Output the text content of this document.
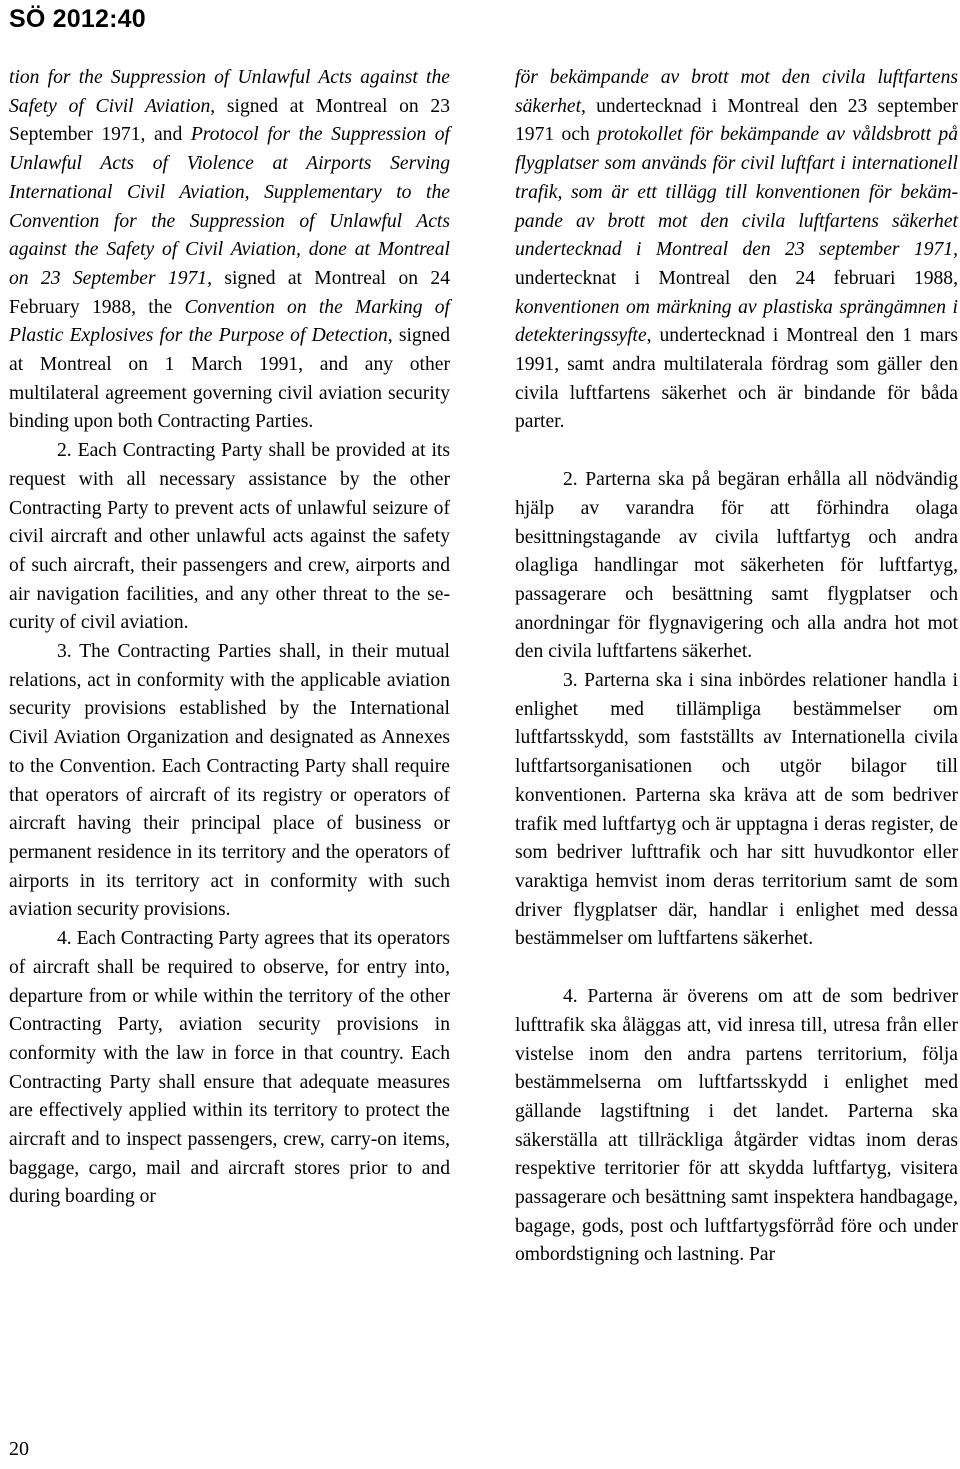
SÖ 2012:40

tion for the Suppression of Unlawful Acts against the Safety of Civil Aviation, signed at Montreal on 23 September 1971, and Protocol for the Suppression of Unlawful Acts of Violence at Airports Serving International Civil Aviation, Supplementary to the Convention for the Suppression of Unlawful Acts against the Safety of Civil Aviation, done at Montreal on 23 September 1971, signed at Montreal on 24 February 1988, the Convention on the Marking of Plastic Explosives for the Purpose of Detection, signed at Montreal on 1 March 1991, and any other multilateral agreement governing civil aviation security binding upon both Contracting Parties.

2. Each Contracting Party shall be provided at its request with all necessary assistance by the other Contracting Party to prevent acts of unlawful seizure of civil aircraft and other unlawful acts against the safety of such aircraft, their passengers and crew, airports and air navigation facilities, and any other threat to the security of civil aviation.

3. The Contracting Parties shall, in their mutual relations, act in conformity with the applicable aviation security provisions established by the International Civil Aviation Organization and designated as Annexes to the Convention. Each Contracting Party shall require that operators of aircraft of its registry or operators of aircraft having their principal place of business or permanent residence in its territory and the operators of airports in its territory act in conformity with such aviation security provisions.

4. Each Contracting Party agrees that its operators of aircraft shall be required to observe, for entry into, departure from or while within the territory of the other Contracting Party, aviation security provisions in conformity with the law in force in that country. Each Contracting Party shall ensure that adequate measures are effectively applied within its territory to protect the aircraft and to inspect passengers, crew, carry-on items, baggage, cargo, mail and aircraft stores prior to and during boarding or

för bekämpande av brott mot den civila luftfartens säkerhet, undertecknad i Montreal den 23 september 1971 och protokollet för bekämpande av våldsbrott på flygplatser som används för civil luftfart i internationell trafik, som är ett tillägg till konventionen för bekämpande av brott mot den civila luftfartens säkerhet undertecknad i Montreal den 23 september 1971, undertecknat i Montreal den 24 februari 1988, konventionen om märkning av plastiska sprängämnen i detekteringssyfte, undertecknad i Montreal den 1 mars 1991, samt andra multilaterala fördrag som gäller den civila luftfartens säkerhet och är bindande för båda parter.

2. Parterna ska på begäran erhålla all nödvändig hjälp av varandra för att förhindra olaga besittningstagande av civila luftfartyg och andra olagliga handlingar mot säkerheten för luftfartyg, passagerare och besättning samt flygplatser och anordningar för flygnavigering och alla andra hot mot den civila luftfartens säkerhet.

3. Parterna ska i sina inbördes relationer handla i enlighet med tillämpliga bestämmelser om luftfartsskydd, som fastställts av Internationella civila luftfartsorganisationen och utgör bilagor till konventionen. Parterna ska kräva att de som bedriver trafik med luftfartyg och är upptagna i deras register, de som bedriver lufttrafik och har sitt huvudkontor eller varaktiga hemvist inom deras territorium samt de som driver flygplatser där, handlar i enlighet med dessa bestämmelser om luftfartens säkerhet.

4. Parterna är överens om att de som bedriver lufttrafik ska åläggas att, vid inresa till, utresa från eller vistelse inom den andra partens territorium, följa bestämmelserna om luftfartsskydd i enlighet med gällande lagstiftning i det landet. Parterna ska säkerställa att tillräckliga åtgärder vidtas inom deras respektive territorier för att skydda luftfartyg, visitera passagerare och besättning samt inspektera handbagage, bagage, gods, post och luftfartygsförråd före och under ombordstigning och lastning. Par

20
